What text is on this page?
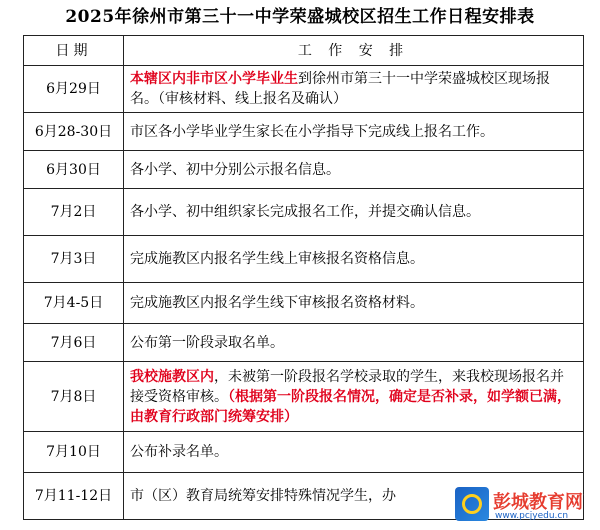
2025年徐州市第三十一中学荣盛城校区招生工作日程安排表
日期	工 作 安 排
6月29日	本辖区内非市区小学毕业生到徐州市第三十一中学荣盛城校区现场报名。（审核材料、线上报名及确认）
6月28-30日	市区各小学毕业学生家长在小学指导下完成线上报名工作。
6月30日	各小学、初中分别公示报名信息。
7月2日	各小学、初中组织家长完成报名工作，并提交确认信息。
7月3日	完成施教区内报名学生线上审核报名资格信息。
7月4-5日	完成施教区内报名学生线下审核报名资格材料。
7月6日	公布第一阶段录取名单。
7月8日	我校施教区内，未被第一阶段报名学校录取的学生，来我校现场报名并接受资格审核。（根据第一阶段报名情况，确定是否补录，如学额已满，由教育行政部门统筹安排）
7月10日	公布补录名单。
7月11-12日	市（区）教育局统筹安排特殊情况学生，办	彭城教育网
www.pcjyedu.cn
